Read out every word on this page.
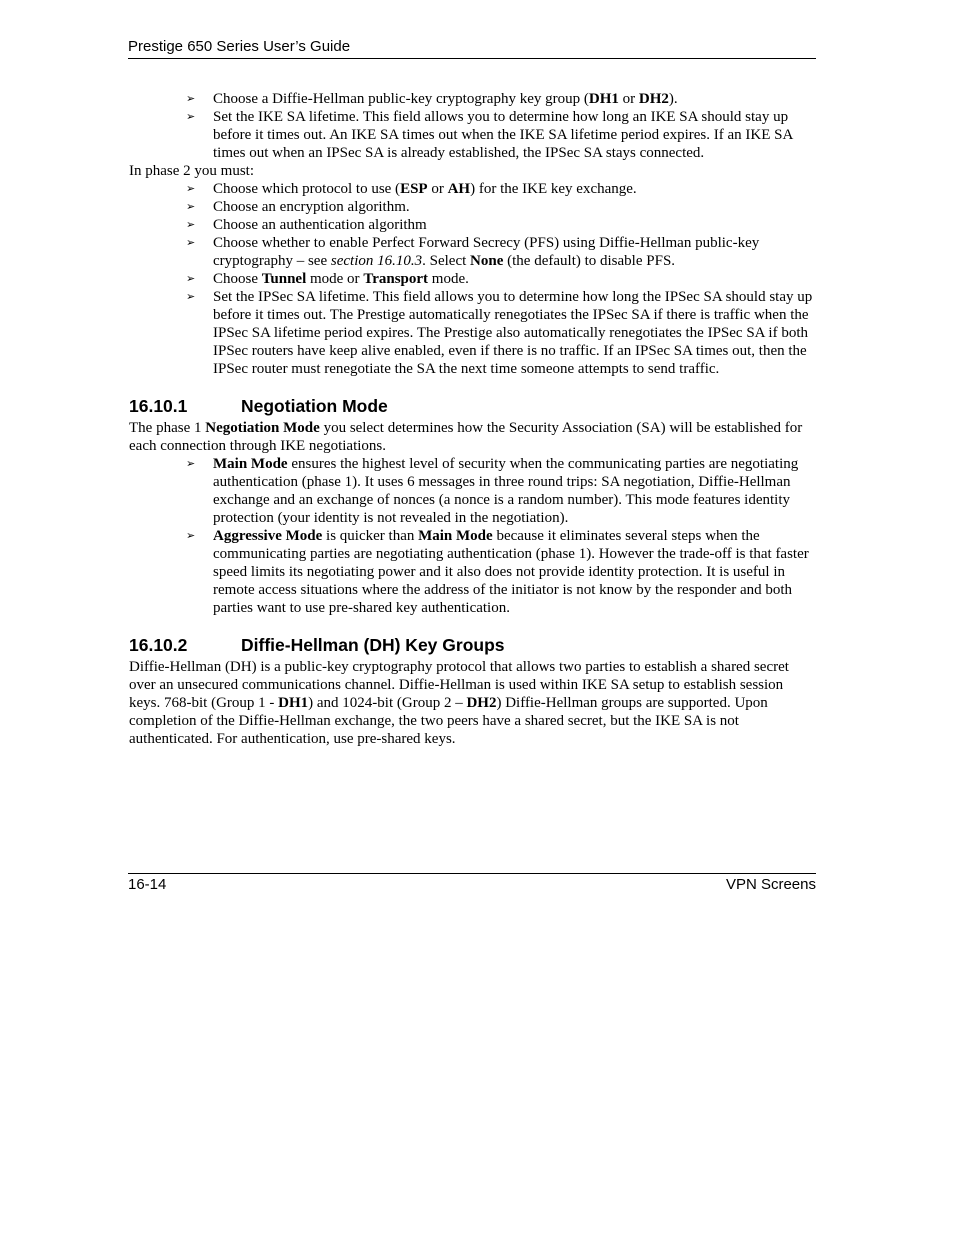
Prestige 650 Series User’s Guide
➢ Choose a Diffie-Hellman public-key cryptography key group (DH1 or DH2).
➢ Set the IKE SA lifetime. This field allows you to determine how long an IKE SA should stay up before it times out. An IKE SA times out when the IKE SA lifetime period expires. If an IKE SA times out when an IPSec SA is already established, the IPSec SA stays connected.

In phase 2 you must:

➢ Choose which protocol to use (ESP or AH) for the IKE key exchange.
➢ Choose an encryption algorithm.
➢ Choose an authentication algorithm
➢ Choose whether to enable Perfect Forward Secrecy (PFS) using Diffie-Hellman public-key cryptography – see section 16.10.3. Select None (the default) to disable PFS.
➢ Choose Tunnel mode or Transport mode.
➢ Set the IPSec SA lifetime. This field allows you to determine how long the IPSec SA should stay up before it times out. The Prestige automatically renegotiates the IPSec SA if there is traffic when the IPSec SA lifetime period expires. The Prestige also automatically renegotiates the IPSec SA if both IPSec routers have keep alive enabled, even if there is no traffic. If an IPSec SA times out, then the IPSec router must renegotiate the SA the next time someone attempts to send traffic.
16.10.1	Negotiation Mode

The phase 1 Negotiation Mode you select determines how the Security Association (SA) will be established for each connection through IKE negotiations.

➢ Main Mode ensures the highest level of security when the communicating parties are negotiating authentication (phase 1). It uses 6 messages in three round trips: SA negotiation, Diffie-Hellman exchange and an exchange of nonces (a nonce is a random number). This mode features identity protection (your identity is not revealed in the negotiation).
➢ Aggressive Mode is quicker than Main Mode because it eliminates several steps when the communicating parties are negotiating authentication (phase 1). However the trade-off is that faster speed limits its negotiating power and it also does not provide identity protection. It is useful in remote access situations where the address of the initiator is not know by the responder and both parties want to use pre-shared key authentication.
16.10.2	Diffie-Hellman (DH) Key Groups

Diffie-Hellman (DH) is a public-key cryptography protocol that allows two parties to establish a shared secret over an unsecured communications channel. Diffie-Hellman is used within IKE SA setup to establish session keys. 768-bit (Group 1 - DH1) and 1024-bit (Group 2 – DH2) Diffie-Hellman groups are supported. Upon completion of the Diffie-Hellman exchange, the two peers have a shared secret, but the IKE SA is not authenticated. For authentication, use pre-shared keys.

16-14	VPN Screens
